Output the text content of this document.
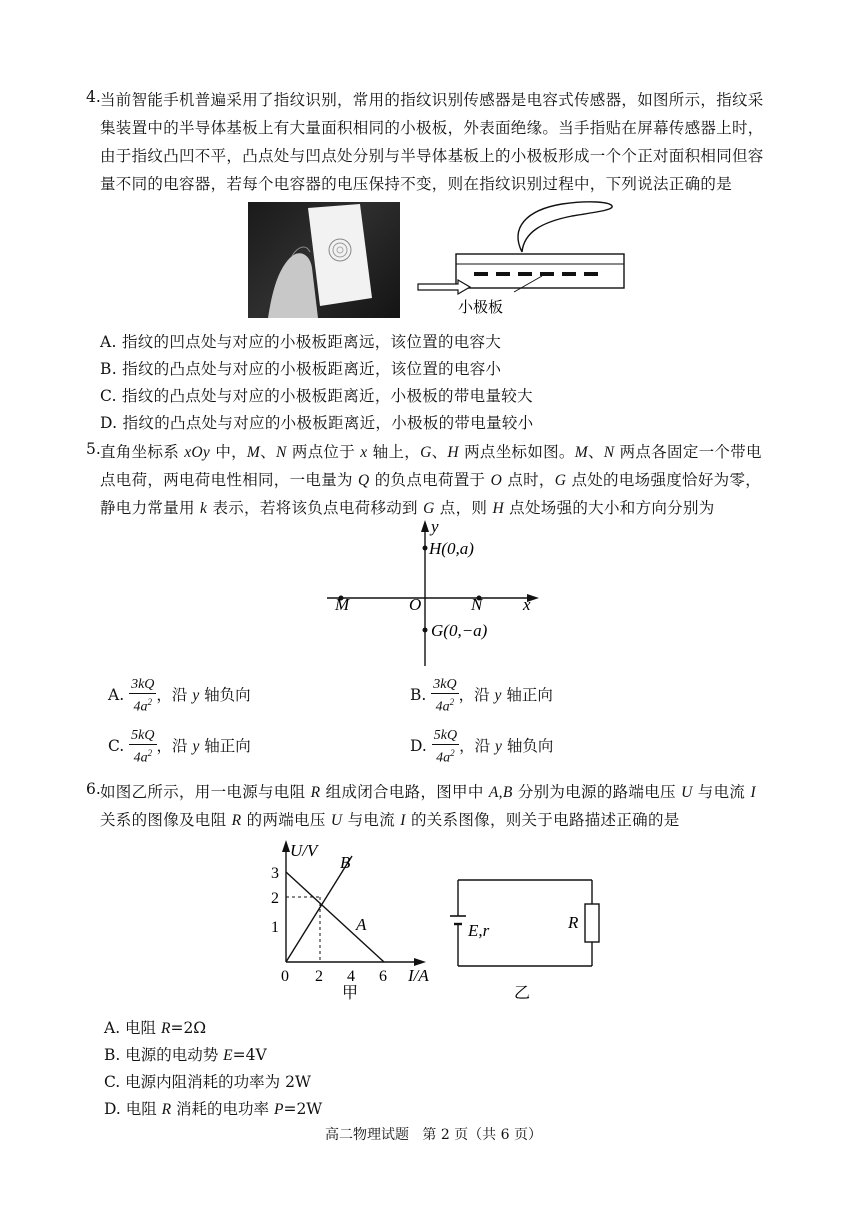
4. 当前智能手机普遍采用了指纹识别，常用的指纹识别传感器是电容式传感器，如图所示，指纹采
集装置中的半导体基板上有大量面积相同的小极板，外表面绝缘。当手指贴在屏幕传感器上时，
由于指纹凸凹不平，凸点处与凹点处分别与半导体基板上的小极板形成一个个正对面积相同但容
量不同的电容器，若每个电容器的电压保持不变，则在指纹识别过程中，下列说法正确的是
小极板
A. 指纹的凹点处与对应的小极板距离远，该位置的电容大
B. 指纹的凸点处与对应的小极板距离近，该位置的电容小
C. 指纹的凸点处与对应的小极板距离近，小极板的带电量较大
D. 指纹的凸点处与对应的小极板距离近，小极板的带电量较小
5. 直角坐标系 xOy 中，M、N 两点位于 x 轴上，G、H 两点坐标如图。M、N 两点各固定一个带电
点电荷，两电荷电性相同，一电量为 Q 的负点电荷置于 O 点时，G 点处的电场强度恰好为零，
静电力常量用 k 表示，若将该负点电荷移动到 G 点，则 H 点处场强的大小和方向分别为
y
H(0,a)
M	O	N x
G(0,−a)
A. $\frac{3kQ}{4a^2}$ ，沿 y 轴负向	B. $\frac{3kQ}{4a^2}$ ，沿 y 轴正向
C. $\frac{5kQ}{4a^2}$ ，沿 y 轴正向	D. $\frac{5kQ}{4a^2}$ ，沿 y 轴负向
6. 如图乙所示，用一电源与电阻 R 组成闭合电路，图甲中 A,B 分别为电源的路端电压 U 与电流 I
关系的图像及电阻 R 的两端电压 U 与电流 I 的关系图像，则关于电路描述正确的是
U/V
3
2
1
0 2 4 6 I/A
A
B
甲
E,r	R
乙
A. 电阻 R=2Ω
B. 电源的电动势 E=4V
C. 电源内阻消耗的功率为 2W
D. 电阻 R 消耗的电功率 P=2W
高二物理试题   第 2 页（共 6 页）
